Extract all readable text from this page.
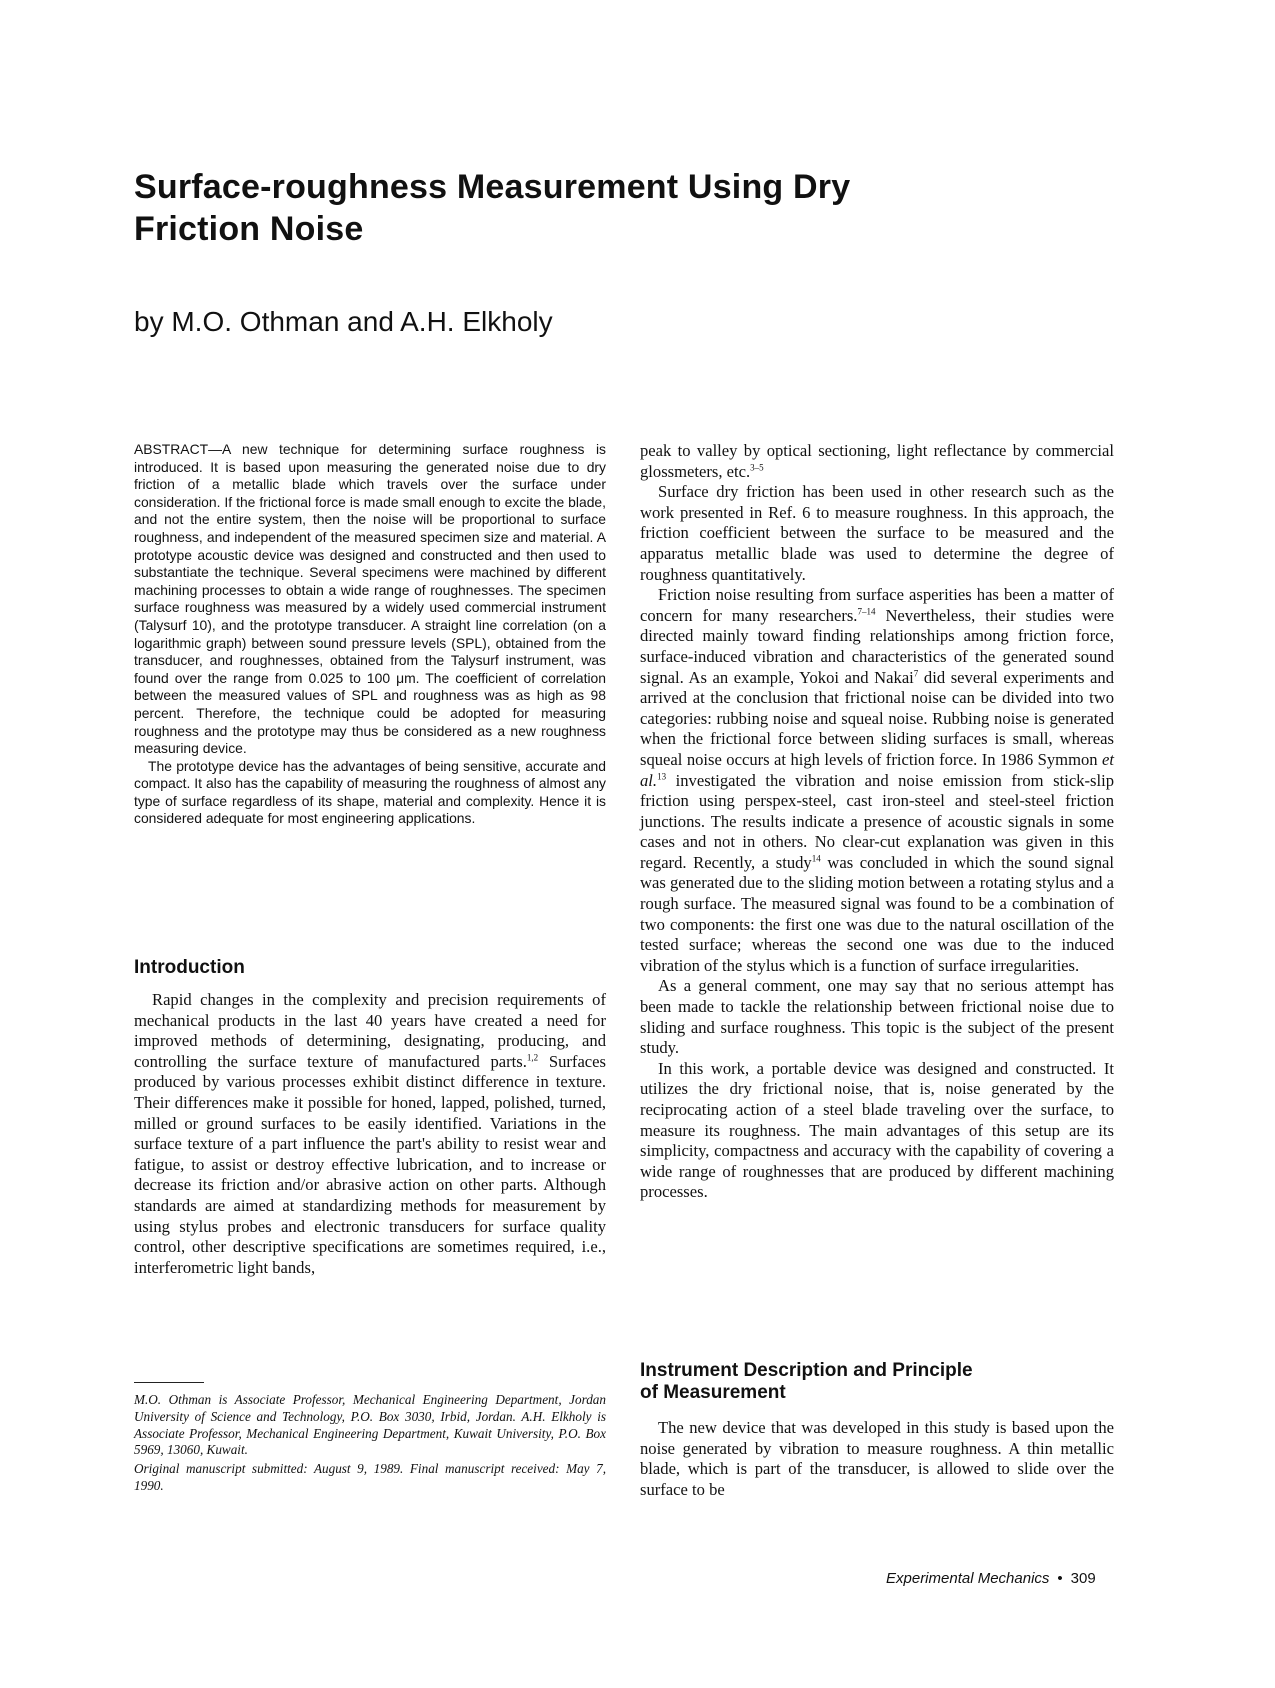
Surface-roughness Measurement Using Dry Friction Noise

by M.O. Othman and A.H. Elkholy

ABSTRACT—A new technique for determining surface roughness is introduced. It is based upon measuring the generated noise due to dry friction of a metallic blade which travels over the surface under consideration. If the frictional force is made small enough to excite the blade, and not the entire system, then the noise will be proportional to surface roughness, and independent of the measured specimen size and material. A prototype acoustic device was designed and constructed and then used to substantiate the technique. Several specimens were machined by different machining processes to obtain a wide range of roughnesses. The specimen surface roughness was measured by a widely used commercial instrument (Talysurf 10), and the prototype transducer. A straight line correlation (on a logarithmic graph) between sound pressure levels (SPL), obtained from the transducer, and roughnesses, obtained from the Talysurf instrument, was found over the range from 0.025 to 100 μm. The coefficient of correlation between the measured values of SPL and roughness was as high as 98 percent. Therefore, the technique could be adopted for measuring roughness and the prototype may thus be considered as a new roughness measuring device.

The prototype device has the advantages of being sensitive, accurate and compact. It also has the capability of measuring the roughness of almost any type of surface regardless of its shape, material and complexity. Hence it is considered adequate for most engineering applications.

Introduction

Rapid changes in the complexity and precision requirements of mechanical products in the last 40 years have created a need for improved methods of determining, designating, producing, and controlling the surface texture of manufactured parts.$^{1,2}$ Surfaces produced by various processes exhibit distinct difference in texture. Their differences make it possible for honed, lapped, polished, turned, milled or ground surfaces to be easily identified. Variations in the surface texture of a part influence the part's ability to resist wear and fatigue, to assist or destroy effective lubrication, and to increase or decrease its friction and/or abrasive action on other parts. Although standards are aimed at standardizing methods for measurement by using stylus probes and electronic transducers for surface quality control, other descriptive specifications are sometimes required, i.e., interferometric light bands,

M.O. Othman is Associate Professor, Mechanical Engineering Department, Jordan University of Science and Technology, P.O. Box 3030, Irbid, Jordan. A.H. Elkholy is Associate Professor, Mechanical Engineering Department, Kuwait University, P.O. Box 5969, 13060, Kuwait.

Original manuscript submitted: August 9, 1989. Final manuscript received: May 7, 1990.

peak to valley by optical sectioning, light reflectance by commercial glossmeters, etc.$^{3-5}$

Surface dry friction has been used in other research such as the work presented in Ref. 6 to measure roughness. In this approach, the friction coefficient between the surface to be measured and the apparatus metallic blade was used to determine the degree of roughness quantitatively.

Friction noise resulting from surface asperities has been a matter of concern for many researchers.$^{7-14}$ Nevertheless, their studies were directed mainly toward finding relationships among friction force, surface-induced vibration and characteristics of the generated sound signal. As an example, Yokoi and Nakai$^7$ did several experiments and arrived at the conclusion that frictional noise can be divided into two categories: rubbing noise and squeal noise. Rubbing noise is generated when the frictional force between sliding surfaces is small, whereas squeal noise occurs at high levels of friction force. In 1986 Symmon et al.$^{13}$ investigated the vibration and noise emission from stick-slip friction using perspex-steel, cast iron-steel and steel-steel friction junctions. The results indicate a presence of acoustic signals in some cases and not in others. No clear-cut explanation was given in this regard. Recently, a study$^{14}$ was concluded in which the sound signal was generated due to the sliding motion between a rotating stylus and a rough surface. The measured signal was found to be a combination of two components: the first one was due to the natural oscillation of the tested surface; whereas the second one was due to the induced vibration of the stylus which is a function of surface irregularities.

As a general comment, one may say that no serious attempt has been made to tackle the relationship between frictional noise due to sliding and surface roughness. This topic is the subject of the present study.

In this work, a portable device was designed and constructed. It utilizes the dry frictional noise, that is, noise generated by the reciprocating action of a steel blade traveling over the surface, to measure its roughness. The main advantages of this setup are its simplicity, compactness and accuracy with the capability of covering a wide range of roughnesses that are produced by different machining processes.

Instrument Description and Principle
of Measurement

The new device that was developed in this study is based upon the noise generated by vibration to measure roughness. A thin metallic blade, which is part of the transducer, is allowed to slide over the surface to be

Experimental Mechanics • 309
